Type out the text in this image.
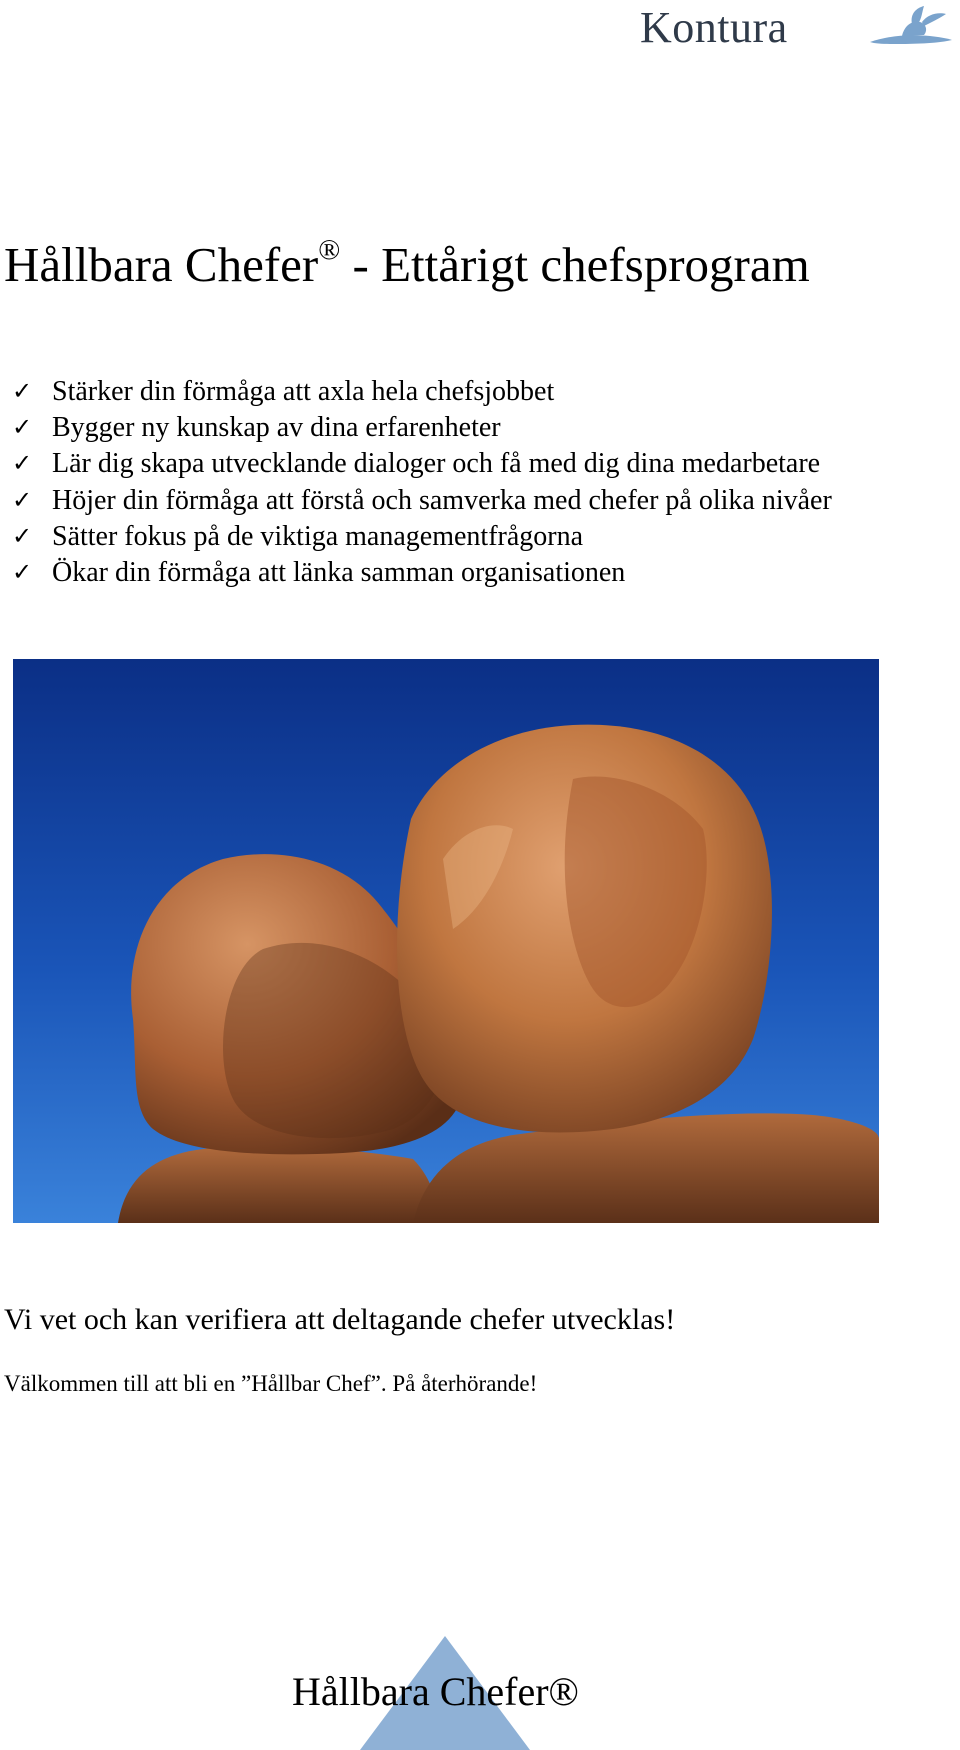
Kontura
Hållbara Chefer® - Ettårigt chefsprogram
✓ Stärker din förmåga att axla hela chefsjobbet
✓ Bygger ny kunskap av dina erfarenheter
✓ Lär dig skapa utvecklande dialoger och få med dig dina medarbetare
✓ Höjer din förmåga att förstå och samverka med chefer på olika nivåer
✓ Sätter fokus på de viktiga managementfrågorna
✓ Ökar din förmåga att länka samman organisationen
Vi vet och kan verifiera att deltagande chefer utvecklas!
Välkommen till att bli en ”Hållbar Chef”. På återhörande!
Hållbara Chefer®
